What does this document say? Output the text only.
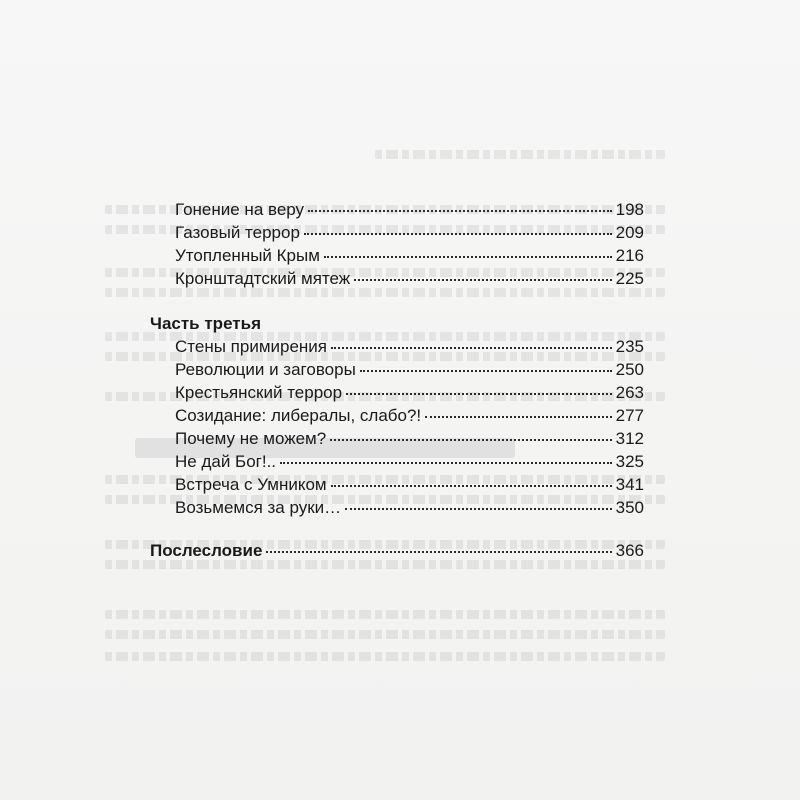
Гонение на веру	198
Газовый террор	209
Утопленный Крым	216
Кронштадтский мятеж	225
Часть третья
Стены примирения	235
Революции и заговоры	250
Крестьянский террор	263
Созидание: либералы, слабо?!	277
Почему не можем?	312
Не дай Бог!..	325
Встреча с Умником	341
Возьмемся за руки…	350
Послесловие	366
